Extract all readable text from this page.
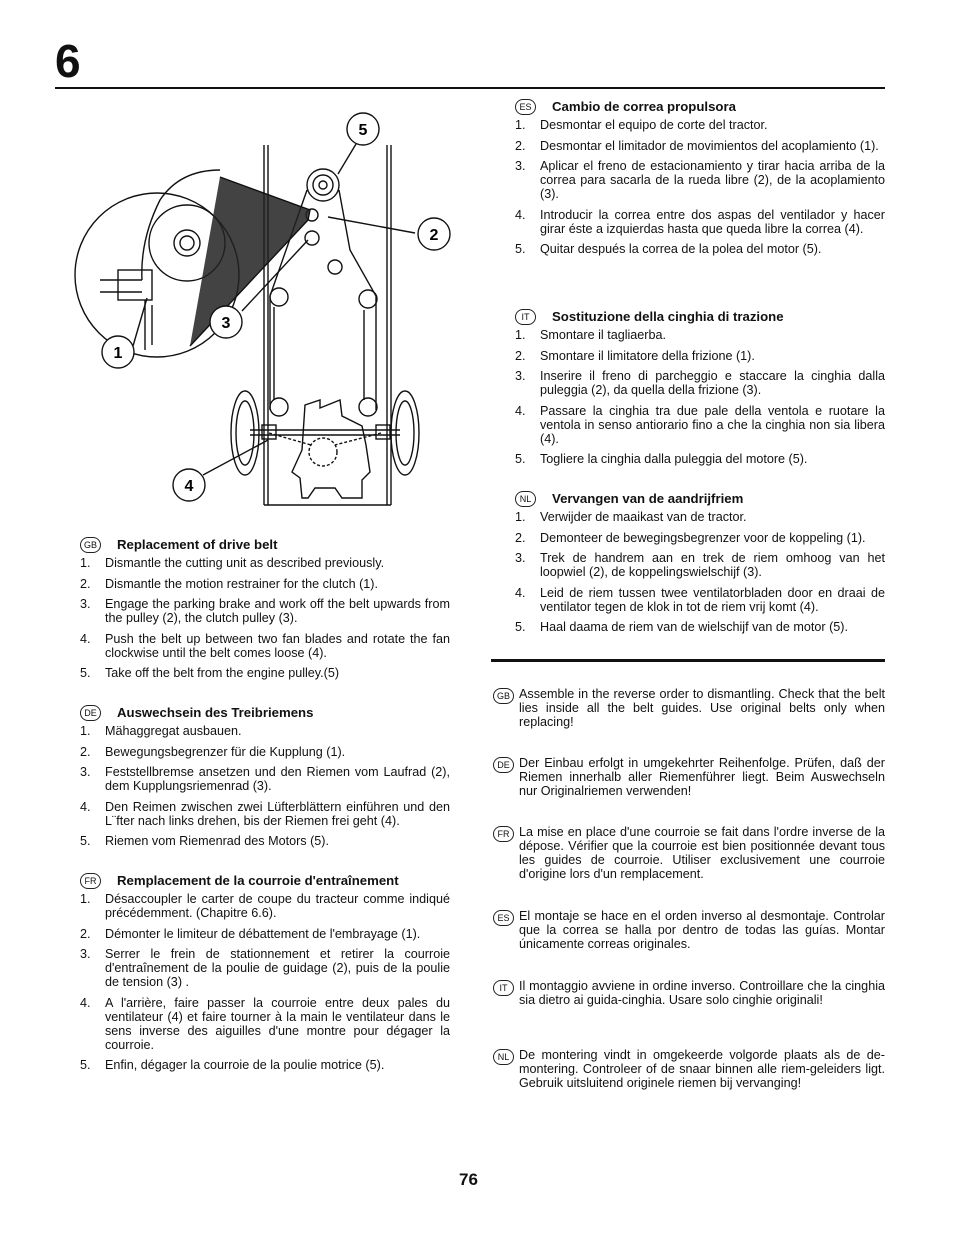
6
5
2
3
1
4
GB	Replacement of drive belt
1. Dismantle the cutting unit as described previously.
2. Dismantle the motion restrainer for the clutch (1).
3. Engage the parking brake and work off the belt upwards from the pulley (2), the clutch pulley (3).
4. Push the belt up between two fan blades and rotate the fan clockwise until the belt comes loose (4).
5. Take off the belt from the engine pulley.(5)
DE	Auswechsein des Treibriemens
1. Mähaggregat ausbauen.
2. Bewegungsbegrenzer für die Kupplung (1).
3. Feststellbremse ansetzen und den Riemen vom Laufrad (2), dem Kupplungsriemenrad (3).
4. Den Reimen zwischen zwei Lüfterblättern einführen und den L¨fter nach links drehen, bis der Riemen frei geht (4).
5. Riemen vom Riemenrad des Motors (5).
FR	Remplacement de la courroie d'entraînement
1. Désaccoupler le carter de coupe du tracteur comme indiqué précédemment. (Chapitre 6.6).
2. Démonter le limiteur de débattement de l'embrayage (1).
3. Serrer le frein de stationnement et retirer la courroie d'entraînement de la poulie de guidage (2), puis de la poulie de tension (3) .
4. A l'arrière, faire passer la courroie entre deux pales du ventilateur (4) et faire tourner à la main le ventilateur dans le sens inverse des aiguilles d'une montre pour dégager la courroie.
5. Enfin, dégager la courroie de la poulie motrice (5).
ES	Cambio de correa propulsora
1. Desmontar el equipo de corte del tractor.
2. Desmontar el limitador de movimientos del acoplamiento (1).
3. Aplicar el freno de estacionamiento y tirar hacia arriba de la correa para sacarla de la rueda libre (2), de la acoplamiento (3).
4. Introducir la correa entre dos aspas del ventilador y hacer girar éste a izquierdas hasta que queda libre la correa (4).
5. Quitar después la correa de la polea del motor (5).
IT	Sostituzione della cinghia di trazione
1. Smontare il tagliaerba.
2. Smontare il limitatore della frizione (1).
3. Inserire il freno di parcheggio e staccare la cinghia dalla puleggia (2), da quella della frizione (3).
4. Passare la cinghia tra due pale della ventola e ruotare la ventola in senso antiorario fino a che la cinghia non sia libera (4).
5. Togliere la cinghia dalla puleggia del motore (5).
NL	Vervangen van de aandrijfriem
1. Verwijder de maaikast van de tractor.
2. Demonteer de bewegingsbegrenzer voor de koppeling (1).
3. Trek de handrem aan en trek de riem omhoog van het loopwiel (2), de koppelingswielschijf (3).
4. Leid de riem tussen twee ventilatorbladen door en draai de ventilator tegen de klok in tot de riem vrij komt (4).
5. Haal daama de riem van de wielschijf van de motor (5).
GB Assemble in the reverse order to dismantling. Check that the belt lies inside all the belt guides. Use original belts only when replacing!

DE Der Einbau erfolgt in umgekehrter Reihenfolge. Prüfen, daß der Riemen innerhalb aller Riemenführer liegt. Beim Auswechseln nur Originalriemen verwenden!

FR La mise en place d'une courroie se fait dans l'ordre inverse de la dépose. Vérifier que la courroie est bien positionnée devant tous les guides de courroie. Utiliser exclusivement une courroie d'origine lors d'un remplacement.

ES El montaje se hace en el orden inverso al desmontaje. Controlar que la correa se halla por dentro de todas las guías. Montar únicamente correas originales.

IT Il montaggio avviene in ordine inverso. Controillare che la cinghia sia dietro ai guida-cinghia. Usare solo cinghie originali!

NL De montering vindt in omgekeerde volgorde plaats als de de-montering. Controleer of de snaar binnen alle riem-geleiders ligt. Gebruik uitsluitend originele riemen bij vervanging!

76
